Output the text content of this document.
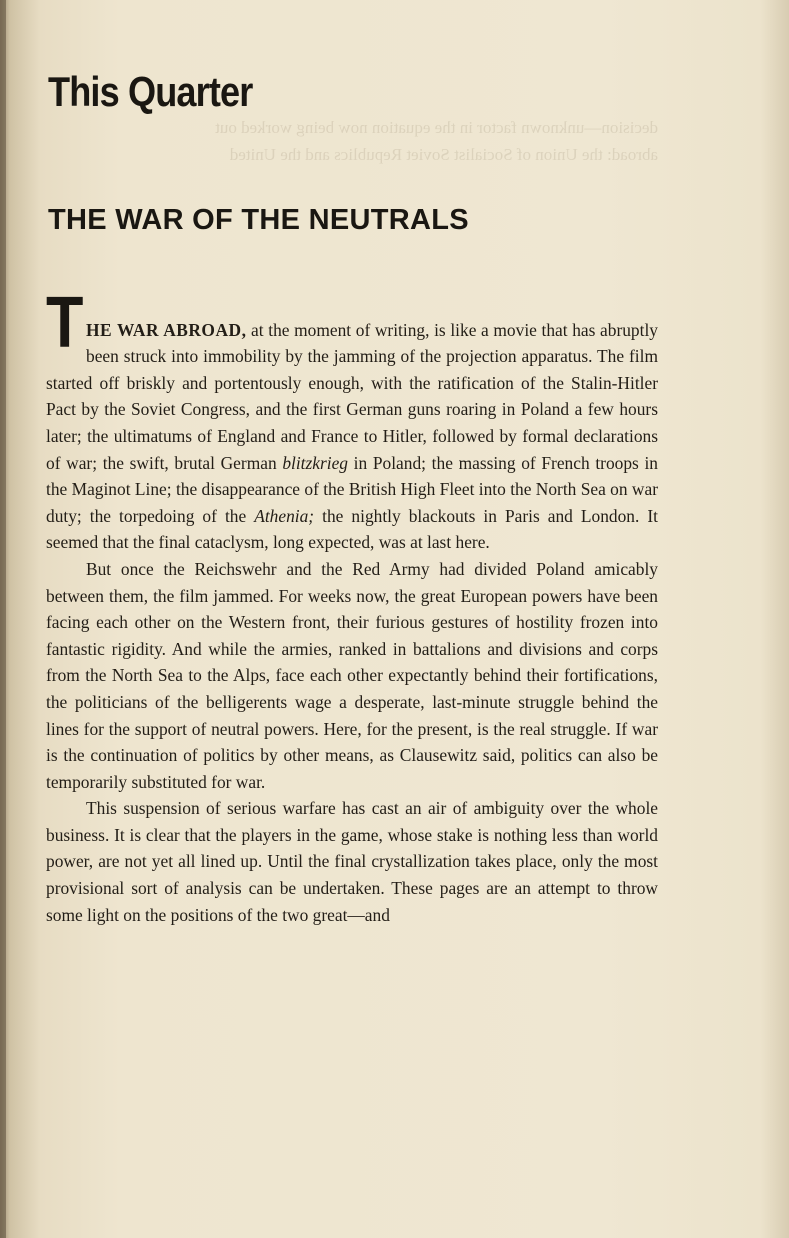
decision—unknown factor in the equation now being worked out
abroad: the Union of Socialist Soviet Republics and the United
This Quarter
THE WAR OF THE NEUTRALS

THE WAR ABROAD, at the moment of writing, is like a movie that has abruptly been struck into immobility by the jamming of the projection apparatus. The film started off briskly and portentously enough, with the ratification of the Stalin-Hitler Pact by the Soviet Congress, and the first German guns roaring in Poland a few hours later; the ultimatums of England and France to Hitler, followed by formal declarations of war; the swift, brutal German blitzkrieg in Poland; the massing of French troops in the Maginot Line; the disappearance of the British High Fleet into the North Sea on war duty; the torpedoing of the Athenia; the nightly blackouts in Paris and London. It seemed that the final cataclysm, long expected, was at last here.

But once the Reichswehr and the Red Army had divided Poland amicably between them, the film jammed. For weeks now, the great European powers have been facing each other on the Western front, their furious gestures of hostility frozen into fantastic rigidity. And while the armies, ranked in battalions and divisions and corps from the North Sea to the Alps, face each other expectantly behind their fortifications, the politicians of the belligerents wage a desperate, last-minute struggle behind the lines for the support of neutral powers. Here, for the present, is the real struggle. If war is the continuation of politics by other means, as Clausewitz said, politics can also be temporarily substituted for war.

This suspension of serious warfare has cast an air of ambiguity over the whole business. It is clear that the players in the game, whose stake is nothing less than world power, are not yet all lined up. Until the final crystallization takes place, only the most provisional sort of analysis can be undertaken. These pages are an attempt to throw some light on the positions of the two great—and
